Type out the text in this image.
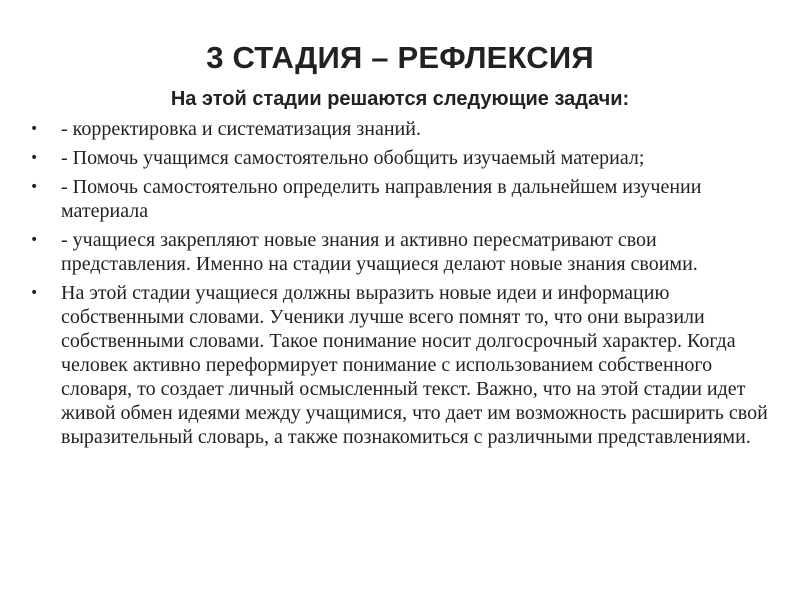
3 СТАДИЯ – РЕФЛЕКСИЯ
На этой стадии решаются следующие задачи:
•	- корректировка и систематизация знаний.
•	- Помочь учащимся самостоятельно обобщить изучаемый материал;
•	- Помочь самостоятельно определить направления в дальнейшем изучении материала
•	- учащиеся закрепляют новые знания и активно пересматривают свои представления. Именно на стадии учащиеся делают новые знания своими.
•	На этой стадии учащиеся должны выразить новые идеи и информацию собственными словами. Ученики лучше всего помнят то, что они выразили собственными словами. Такое понимание носит долгосрочный характер. Когда человек активно переформирует понимание с использованием собственного словаря, то создает личный осмысленный текст. Важно, что на этой стадии идет живой обмен идеями между учащимися, что дает им возможность расширить свой выразительный словарь, а также познакомиться с различными представлениями.
